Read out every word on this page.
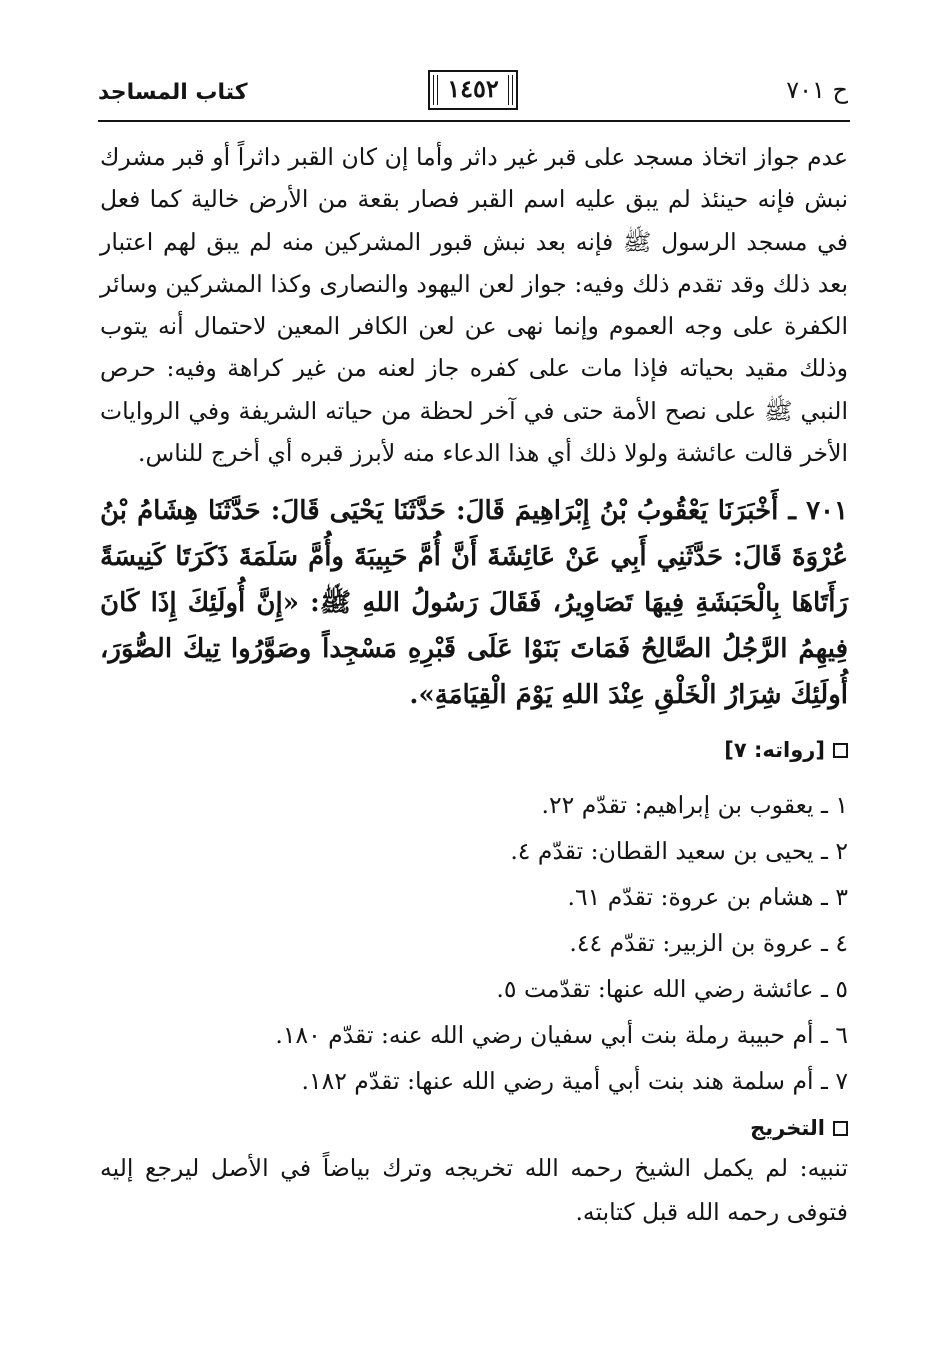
ح ٧٠١
١٤٥٢
كتاب المساجد

عدم جواز اتخاذ مسجد على قبر غير داثر وأما إن كان القبر داثراً أو قبر مشرك نبش فإنه حينئذ لم يبق عليه اسم القبر فصار بقعة من الأرض خالية كما فعل في مسجد الرسول ﷺ فإنه بعد نبش قبور المشركين منه لم يبق لهم اعتبار بعد ذلك وقد تقدم ذلك وفيه: جواز لعن اليهود والنصارى وكذا المشركين وسائر الكفرة على وجه العموم وإنما نهى عن لعن الكافر المعين لاحتمال أنه يتوب وذلك مقيد بحياته فإذا مات على كفره جاز لعنه من غير كراهة وفيه: حرص النبي ﷺ على نصح الأمة حتى في آخر لحظة من حياته الشريفة وفي الروايات الأخر قالت عائشة ولولا ذلك أي هذا الدعاء منه لأبرز قبره أي أخرج للناس.

٧٠١ ـ أَخْبَرَنَا يَعْقُوبُ بْنُ إِبْرَاهِيمَ قَالَ: حَدَّثَنَا يَحْيَى قَالَ: حَدَّثَنَا هِشَامُ بْنُ عُرْوَةَ قَالَ: حَدَّثَنِي أَبِي عَنْ عَائِشَةَ أَنَّ أُمَّ حَبِيبَةَ وأُمَّ سَلَمَةَ ذَكَرَتَا كَنِيسَةً رَأَتَاهَا بِالْحَبَشَةِ فِيهَا تَصَاوِيرُ، فَقَالَ رَسُولُ اللهِ ﷺ: «إِنَّ أُولَئِكَ إِذَا كَانَ فِيهِمُ الرَّجُلُ الصَّالِحُ فَمَاتَ بَنَوْا عَلَى قَبْرِهِ مَسْجِداً وصَوَّرُوا تِيكَ الصُّوَرَ، أُولَئِكَ شِرَارُ الْخَلْقِ عِنْدَ اللهِ يَوْمَ الْقِيَامَةِ».

[رواته: ٧]
١ ـ يعقوب بن إبراهيم: تقدّم ٢٢.
٢ ـ يحيى بن سعيد القطان: تقدّم ٤.
٣ ـ هشام بن عروة: تقدّم ٦١.
٤ ـ عروة بن الزبير: تقدّم ٤٤.
٥ ـ عائشة رضي الله عنها: تقدّمت ٥.
٦ ـ أم حبيبة رملة بنت أبي سفيان رضي الله عنه: تقدّم ١٨٠.
٧ ـ أم سلمة هند بنت أبي أمية رضي الله عنها: تقدّم ١٨٢.
التخريج

تنبيه: لم يكمل الشيخ رحمه الله تخريجه وترك بياضاً في الأصل ليرجع إليه فتوفى رحمه الله قبل كتابته.
